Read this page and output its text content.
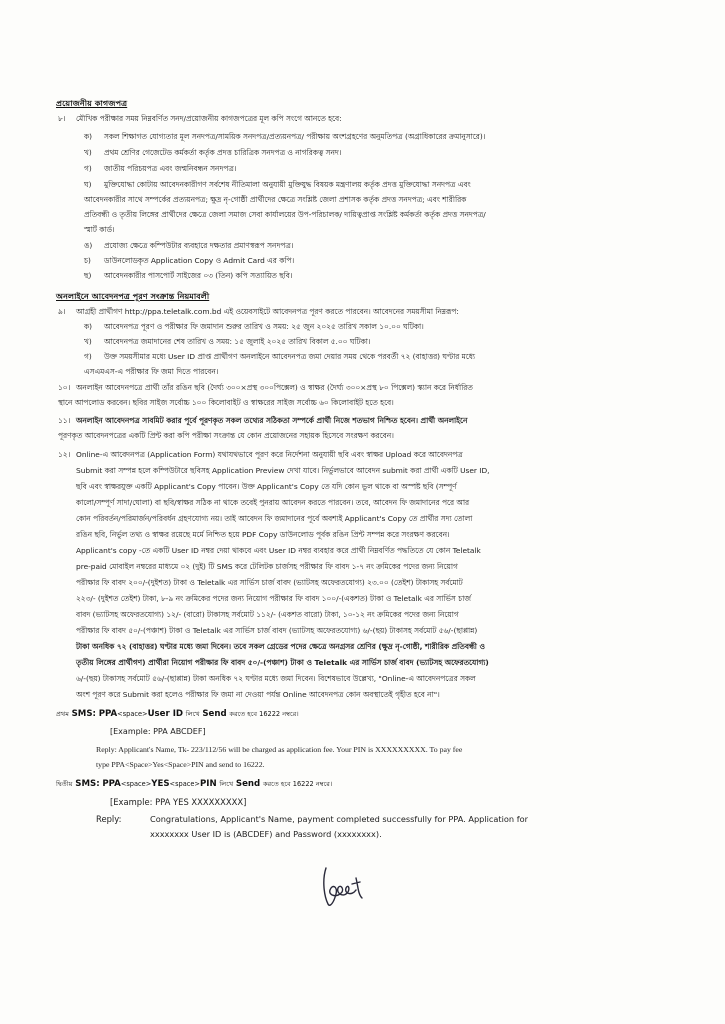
প্রয়োজনীয় কাগজপত্র
৮। মৌখিক পরীক্ষার সময় নিম্নবর্ণিত সনদ/প্রয়োজনীয় কাগজপত্রের মূল কপি সংগে আনতে হবে:
ক) সকল শিক্ষাগত যোগ্যতার মূল সনদপত্র/সাময়িক সনদপত্র/প্রত্যয়নপত্র/ পরীক্ষায় অংশগ্রহণের অনুমতিপত্র (অগ্রাধিকারের ক্রমানুসারে)।
খ) প্রথম শ্রেণির গেজেটেড কর্মকর্তা কর্তৃক প্রদত্ত চারিত্রিক সনদপত্র ও নাগরিকত্ব সনদ।
গ) জাতীয় পরিচয়পত্র এবং জন্মনিবন্ধন সনদপত্র।
ঘ) মুক্তিযোদ্ধা কোটায় আবেদনকারীগণ সর্বশেষ নীতিমালা অনুযায়ী মুক্তিযুদ্ধ বিষয়ক মন্ত্রণালয় কর্তৃক প্রদত্ত মুক্তিযোদ্ধা সনদপত্র এবং
আবেদনকারীর সাথে সম্পর্কের প্রত্যয়নপত্র; ক্ষুদ্র নৃ-গোষ্ঠী প্রার্থীদের ক্ষেত্রে সংশ্লিষ্ট জেলা প্রশাসক কর্তৃক প্রদত্ত সনদপত্র; এবং শারীরিক
প্রতিবন্ধী ও তৃতীয় লিঙ্গের প্রার্থীদের ক্ষেত্রে জেলা সমাজ সেবা কার্যালয়ের উপ-পরিচালক/ দায়িত্বপ্রাপ্ত সংশ্লিষ্ট কর্মকর্তা কর্তৃক প্রদত্ত সনদপত্র/
স্মার্ট কার্ড।
ঙ) প্রযোজ্য ক্ষেত্রে কম্পিউটার ব্যবহারে দক্ষতার প্রমাণস্বরূপ সনদপত্র।
চ) ডাউনলোডকৃত Application Copy ও Admit Card এর কপি।
ছ) আবেদনকারীর পাসপোর্ট সাইজের ০৩ (তিন) কপি সত্যায়িত ছবি।
অনলাইনে আবেদনপত্র পূরণ সংক্রান্ত নিয়মাবলী
৯। আগ্রহী প্রার্থীগণ http://ppa.teletalk.com.bd এই ওয়েবসাইটে আবেদনপত্র পূরণ করতে পারবেন। আবেদনের সময়সীমা নিম্নরূপ:
ক) আবেদনপত্র পূরণ ও পরীক্ষার ফি জমাদান শুরুর তারিখ ও সময়: ২৫ জুন ২০২৫ তারিখ সকাল ১০.০০ ঘটিকা।
খ) আবেদনপত্র জমাদানের শেষ তারিখ ও সময়: ১৫ জুলাই ২০২৫ তারিখ বিকাল ৫.০০ ঘটিকা।
গ) উক্ত সময়সীমার মধ্যে User ID প্রাপ্ত প্রার্থীগণ অনলাইনে আবেদনপত্র জমা দেয়ার সময় থেকে পরবর্তী ৭২ (বাহাত্তর) ঘণ্টার মধ্যে
এসএমএস-এ পরীক্ষার ফি জমা দিতে পারবেন।
১০। অনলাইন আবেদনপত্রে প্রার্থী তাঁর রঙিন ছবি (দৈর্ঘ্য ৩০০×প্রস্থ ৩০০পিক্সেল) ও স্বাক্ষর (দৈর্ঘ্য ৩০০×প্রস্থ ৮০ পিক্সেল) স্ক্যান করে নির্ধারিত
স্থানে আপলোড করবেন। ছবির সাইজ সর্বোচ্চ ১০০ কিলোবাইট ও স্বাক্ষরের সাইজ সর্বোচ্চ ৬০ কিলোবাইট হতে হবে।
১১। অনলাইন আবেদনপত্র সাবমিট করার পূর্বে পূরণকৃত সকল তথ্যের সঠিকতা সম্পর্কে প্রার্থী নিজে শতভাগ নিশ্চিত হবেন। প্রার্থী অনলাইনে
পূরণকৃত আবেদনপত্রের একটি প্রিন্ট করা কপি পরীক্ষা সংক্রান্ত যে কোন প্রয়োজনের সহায়ক হিসেবে সংরক্ষণ করবেন।
১২। Online-এ আবেদনপত্র (Application Form) যথাযথভাবে পূরণ করে নির্দেশনা অনুযায়ী ছবি এবং স্বাক্ষর Upload করে আবেদনপত্র
Submit করা সম্পন্ন হলে কম্পিউটারে ছবিসহ Application Preview দেখা যাবে। নির্ভুলভাবে আবেদন submit করা প্রার্থী একটি User ID,
ছবি এবং স্বাক্ষরযুক্ত একটি Applicant's Copy পাবেন। উক্ত Applicant's Copy তে যদি কোন ভুল থাকে বা অস্পষ্ট ছবি (সম্পূর্ণ
কালো/সম্পূর্ণ সাদা/ঘোলা) বা ছবি/স্বাক্ষর সঠিক না থাকে তবেই পুনরায় আবেদন করতে পারবেন। তবে, আবেদন ফি জমাদানের পরে আর
কোন পরিবর্তন/পরিমার্জন/পরিবর্ধন গ্রহণযোগ্য নয়। তাই আবেদন ফি জমাদানের পূর্বে অবশ্যই Applicant's Copy তে প্রার্থীর সদ্য তোলা
রঙিন ছবি, নির্ভুল তথ্য ও স্বাক্ষর রয়েছে মর্মে নিশ্চিত হয়ে PDF Copy ডাউনলোড পূর্বক রঙিন প্রিন্ট সম্পন্ন করে সংরক্ষণ করবেন।
Applicant's copy -তে একটি User ID নম্বর দেয়া থাকবে এবং User ID নম্বর ব্যবহার করে প্রার্থী নিম্নবর্ণিত পদ্ধতিতে যে কোন Teletalk
pre-paid মোবাইল নম্বরের মাধ্যমে ০২ (দুই) টি SMS করে টেলিটক চার্জসহ পরীক্ষার ফি বাবদ ১-৭ নং ক্রমিকের পদের জন্য নিয়োগ
পরীক্ষার ফি বাবদ ২০০/-(দুইশত) টাকা ও Teletalk এর সার্ভিস চার্জ বাবদ (ভ্যাটসহ অফেরতযোগ্য) ২৩.০০ (তেইশ) টাকাসহ সর্বমোট
২২৩/- (দুইশত তেইশ) টাকা, ৮-৯ নং ক্রমিকের পদের জন্য নিয়োগ পরীক্ষার ফি বাবদ ১০০/-(একশত) টাকা ও Teletalk এর সার্ভিস চার্জ
বাবদ (ভ্যাটসহ অফেরতযোগ্য) ১২/- (বারো) টাকাসহ সর্বমোট ১১২/- (একশত বারো) টাকা, ১০-১২ নং ক্রমিকের পদের জন্য নিয়োগ
পরীক্ষার ফি বাবদ ৫০/-(পঞ্চাশ) টাকা ও Teletalk এর সার্ভিস চার্জ বাবদ (ভ্যাটসহ অফেরতযোগ্য) ৬/-(ছয়) টাকাসহ সর্বমোট ৫৬/-(ছাপ্পান্ন)
টাকা অনধিক ৭২ (বাহাত্তর) ঘণ্টার মধ্যে জমা দিবেন। তবে সকল গ্রেডের পদের ক্ষেত্রে অনগ্রসর শ্রেণির (ক্ষুদ্র নৃ-গোষ্ঠী, শারীরিক প্রতিবন্ধী ও
তৃতীয় লিঙ্গের প্রার্থীগণ) প্রার্থীরা নিয়োগ পরীক্ষার ফি বাবদ ৫০/-(পঞ্চাশ) টাকা ও Teletalk এর সার্ভিস চার্জ বাবদ (ভ্যাটসহ অফেরতযোগ্য)
৬/-(ছয়) টাকাসহ সর্বমোট ৫৬/-(ছাপ্পান্ন) টাকা অনধিক ৭২ ঘণ্টার মধ্যে জমা দিবেন। বিশেষভাবে উল্লেখ্য, "Online-এ আবেদনপত্রের সকল
অংশ পূরণ করে Submit করা হলেও পরীক্ষার ফি জমা না দেওয়া পর্যন্ত Online আবেদনপত্র কোন অবস্থাতেই গৃহীত হবে না"।
প্রথম SMS: PPA<space>User ID লিখে Send করতে হবে 16222 নম্বরে।
[Example: PPA ABCDEF]
Reply: Applicant's Name, Tk- 223/112/56 will be charged as application fee. Your PIN is XXXXXXXXX. To pay fee
type PPA<Space>Yes<Space>PIN and send to 16222.
দ্বিতীয় SMS: PPA<space>YES<space>PIN লিখে Send করতে হবে 16222 নম্বরে।
[Example: PPA YES XXXXXXXXX]
Reply:	Congratulations, Applicant's Name, payment completed successfully for PPA. Application for
xxxxxxxx User ID is (ABCDEF) and Password (xxxxxxxx).
